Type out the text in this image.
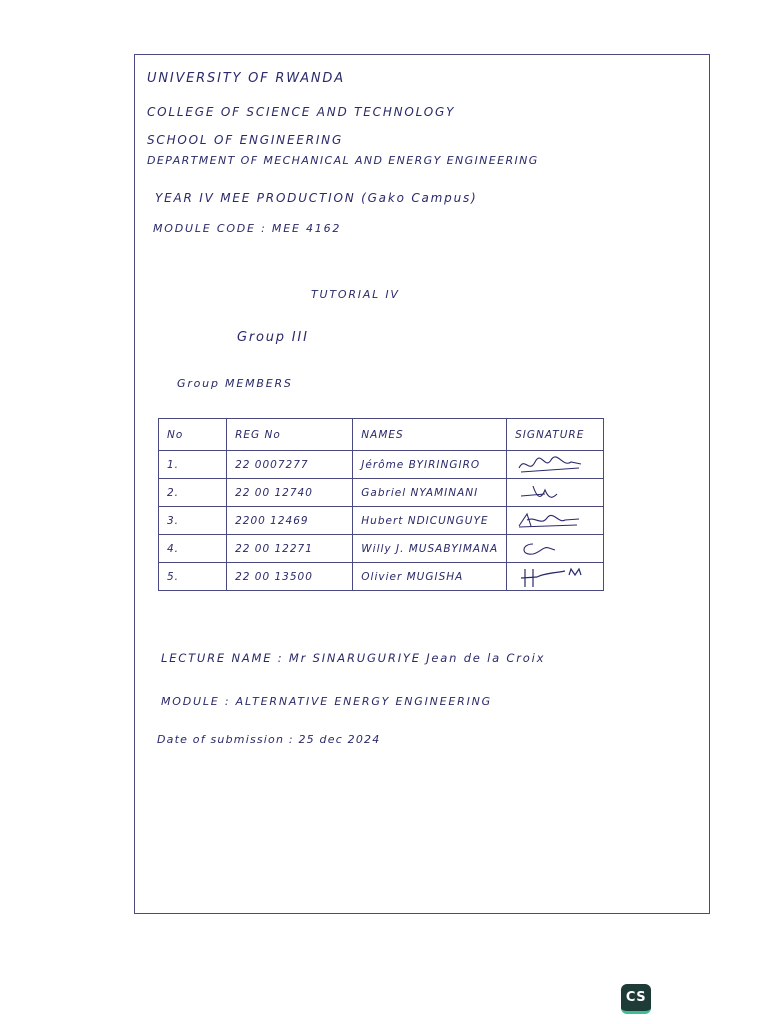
UNIVERSITY OF RWANDA
COLLEGE OF SCIENCE AND TECHNOLOGY
SCHOOL OF ENGINEERING
DEPARTMENT OF MECHANICAL AND ENERGY ENGINEERING
YEAR IV MEE PRODUCTION (Gako Campus)
MODULE CODE : MEE 4162
TUTORIAL IV
Group III
Group MEMBERS
No	REG No	NAMES	SIGNATURE
1.	22 0007277	Jérôme BYIRINGIRO	
2.	22 00 12740	Gabriel NYAMINANI	
3.	2200 12469	Hubert NDICUNGUYE	
4.	22 00 12271	Willy J. MUSABYIMANA	
5.	22 00 13500	Olivier MUGISHA	
LECTURE NAME : Mr SINARUGURIYE Jean de la Croix
MODULE : ALTERNATIVE ENERGY ENGINEERING
Date of submission : 25 dec 2024
CS
